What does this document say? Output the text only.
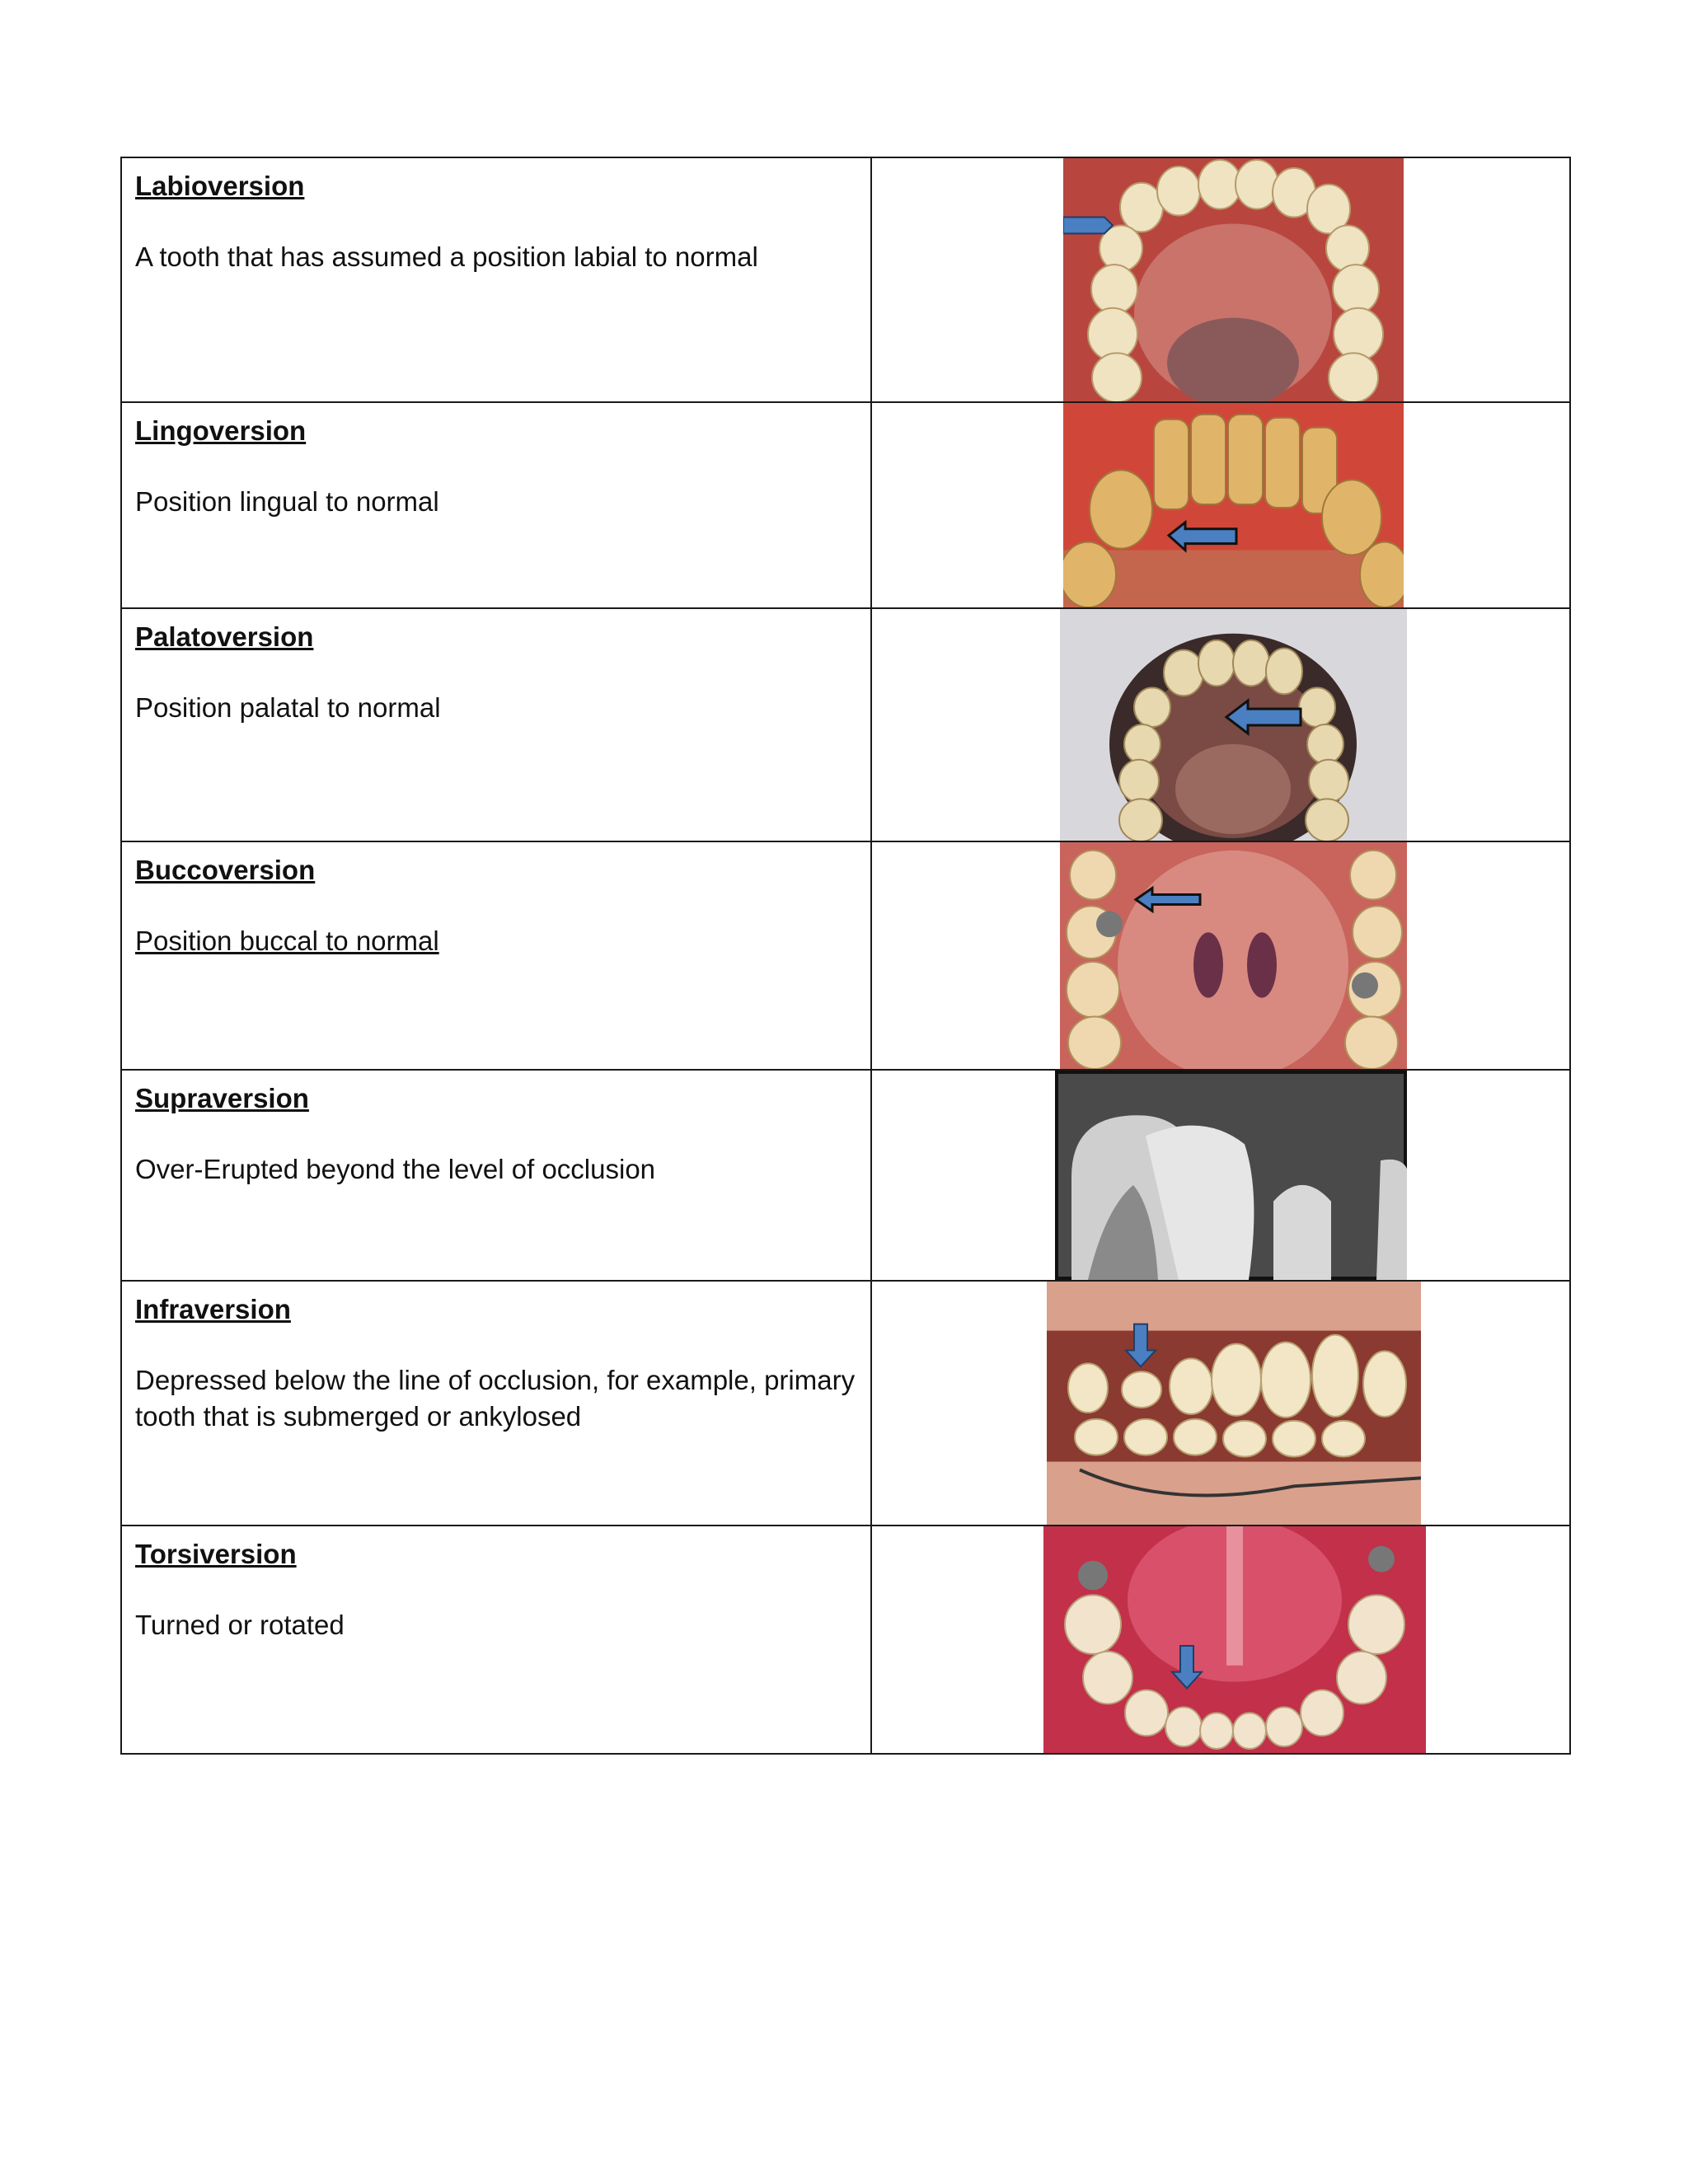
Labioversion
A tooth that has assumed a position labial to normal

Lingoversion
Position lingual to normal

Palatoversion
Position palatal to normal

Buccoversion
Position buccal to normal

Supraversion
Over-Erupted beyond the level of occlusion

Infraversion
Depressed below the line of occlusion, for example, primary tooth that is submerged or ankylosed

Torsiversion
Turned or rotated
